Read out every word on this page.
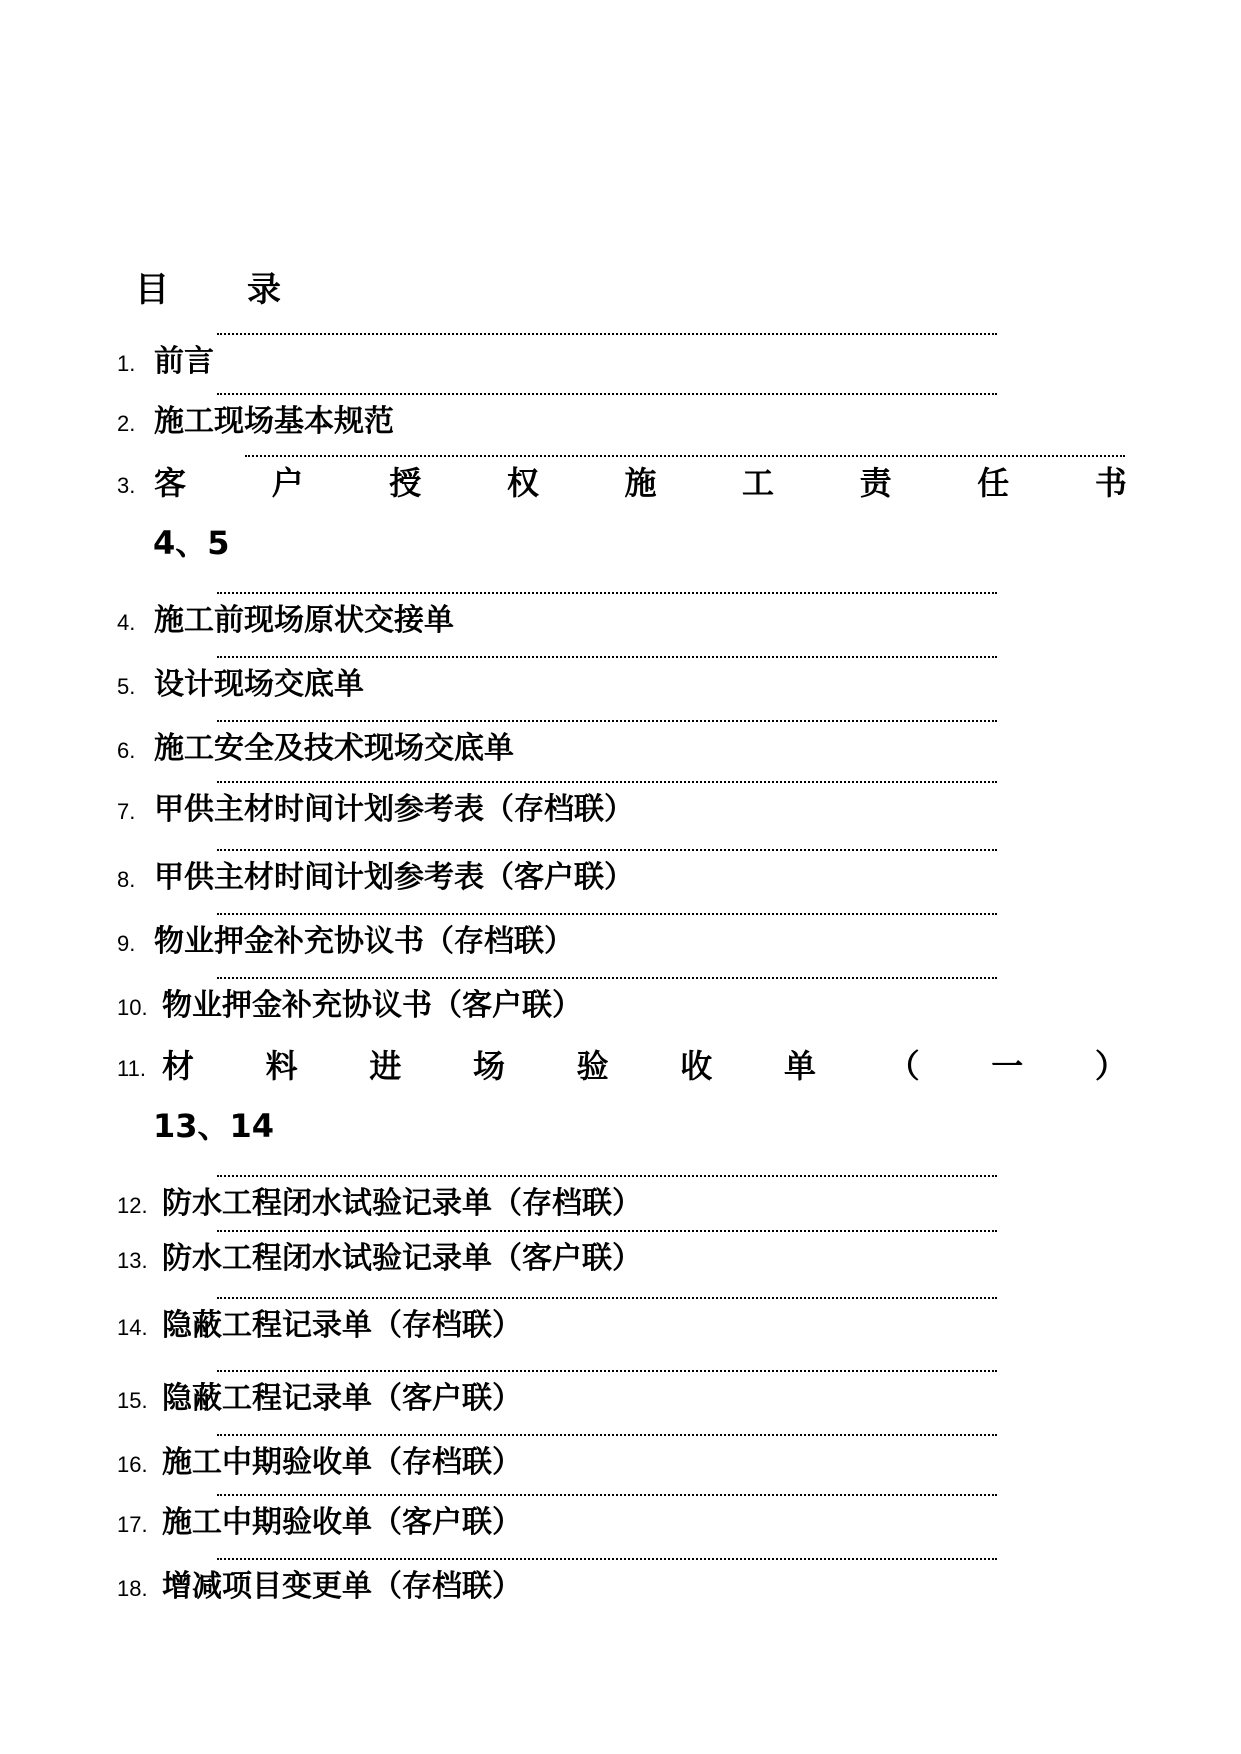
目 录
1. 前言
2. 施工现场基本规范
3. 客	户	授	权	施	工	责	任	书
4、5
4. 施工前现场原状交接单
5. 设计现场交底单
6. 施工安全及技术现场交底单
7. 甲供主材时间计划参考表（存档联）
8. 甲供主材时间计划参考表（客户联）
9. 物业押金补充协议书（存档联）
10. 物业押金补充协议书（客户联）
11. 材 料 进 场 验 收 单 （ 一 ）
13、14
12. 防水工程闭水试验记录单（存档联）
13. 防水工程闭水试验记录单（客户联）
14. 隐蔽工程记录单（存档联）
15. 隐蔽工程记录单（客户联）
16. 施工中期验收单（存档联）
17. 施工中期验收单（客户联）
18. 增减项目变更单（存档联）
